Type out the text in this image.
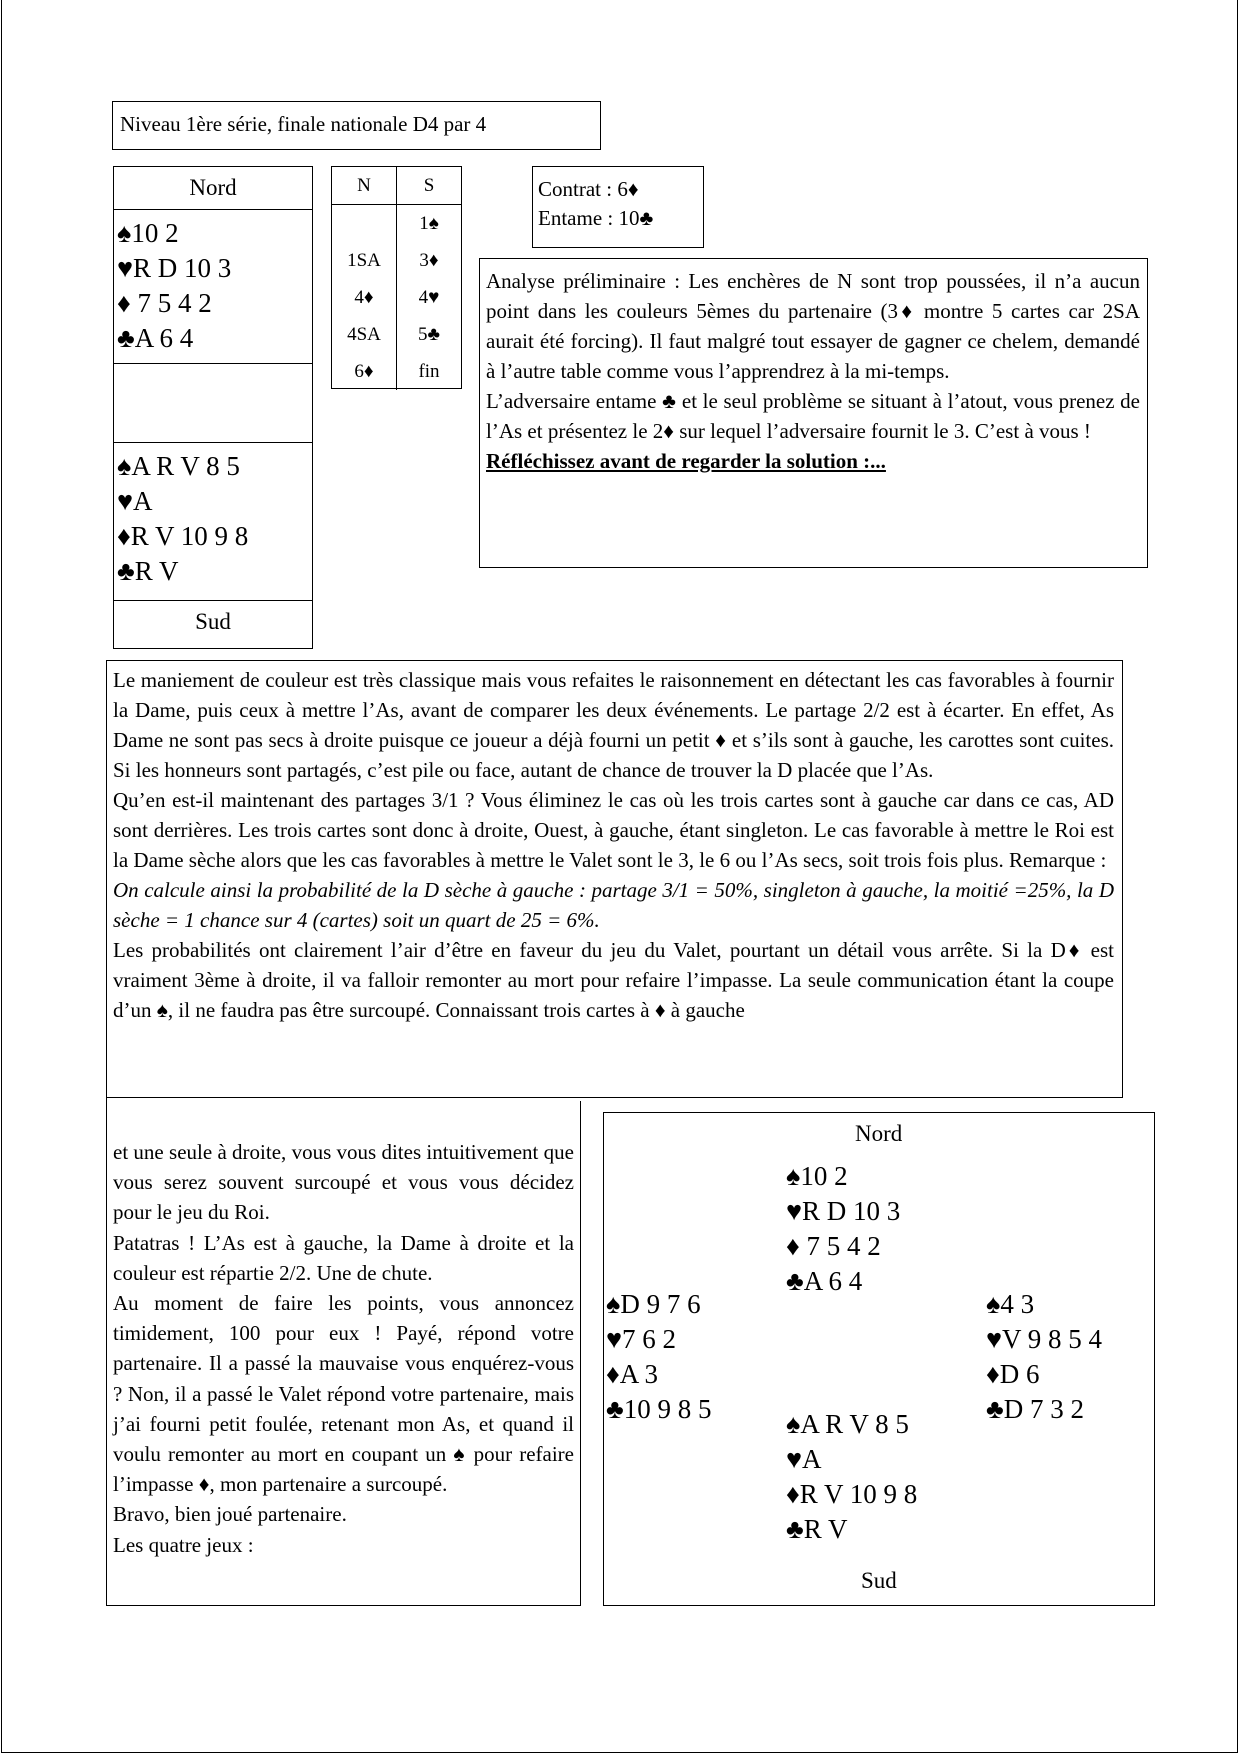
Niveau 1ère série, finale nationale D4 par 4
Nord
♠10 2
♥R D 10 3
♦ 7 5 4 2
♣A 6 4
♠A R V 8 5
♥A
♦R V 10 9 8
♣R V
Sud
N	S
	1♠
1SA	3♦
4♦	4♥
4SA	5♣
6♦	fin
Contrat : 6♦
Entame : 10♣

Analyse préliminaire : Les enchères de N sont trop poussées, il n’a aucun point dans les couleurs 5èmes du partenaire (3♦ montre 5 cartes car 2SA aurait été forcing). Il faut malgré tout essayer de gagner ce chelem, demandé à l’autre table comme vous l’apprendrez à la mi-temps.

L’adversaire entame ♣ et le seul problème se situant à l’atout, vous prenez de l’As et présentez le 2♦ sur lequel l’adversaire fournit le 3. C’est à vous !

Réfléchissez avant de regarder la solution :...

Le maniement de couleur est très classique mais vous refaites le raisonnement en détectant les cas favorables à fournir la Dame, puis ceux à mettre l’As, avant de comparer les deux événements. Le partage 2/2 est à écarter. En effet, As Dame ne sont pas secs à droite puisque ce joueur a déjà fourni un petit ♦ et s’ils sont à gauche, les carottes sont cuites. Si les honneurs sont partagés, c’est pile ou face, autant de chance de trouver la D placée que l’As.

Qu’en est-il maintenant des partages 3/1 ? Vous éliminez le cas où les trois cartes sont à gauche car dans ce cas, AD sont derrières. Les trois cartes sont donc à droite, Ouest, à gauche, étant singleton. Le cas favorable à mettre le Roi est la Dame sèche alors que les cas favorables à mettre le Valet sont le 3, le 6 ou l’As secs, soit trois fois plus. Remarque :

On calcule ainsi la probabilité de la D sèche à gauche : partage 3/1 = 50%, singleton à gauche, la moitié =25%, la D sèche = 1 chance sur 4 (cartes) soit un quart de 25 = 6%.

Les probabilités ont clairement l’air d’être en faveur du jeu du Valet, pourtant un détail vous arrête. Si la D♦ est vraiment 3ème à droite, il va falloir remonter au mort pour refaire l’impasse. La seule communication étant la coupe d’un ♠, il ne faudra pas être surcoupé. Connaissant trois cartes à ♦ à gauche

et une seule à droite, vous vous dites intuitivement que vous serez souvent surcoupé et vous vous décidez pour le jeu du Roi.

Patatras ! L’As est à gauche, la Dame à droite et la couleur est répartie 2/2. Une de chute.

Au moment de faire les points, vous annoncez timidement, 100 pour eux ! Payé, répond votre partenaire. Il a passé la mauvaise vous enquérez-vous ? Non, il a passé le Valet répond votre partenaire, mais j’ai fourni petit foulée, retenant mon As, et quand il voulu remonter au mort en coupant un ♠ pour refaire l’impasse ♦, mon partenaire a surcoupé.

Bravo, bien joué partenaire.

Les quatre jeux :

Nord
♠10 2
♥R D 10 3
♦ 7 5 4 2
♣A 6 4
♠D 9 7 6
♥7 6 2
♦A 3
♣10 9 8 5
♠4 3
♥V 9 8 5 4
♦D 6
♣D 7 3 2
♠A R V 8 5
♥A
♦R V 10 9 8
♣R V
Sud
